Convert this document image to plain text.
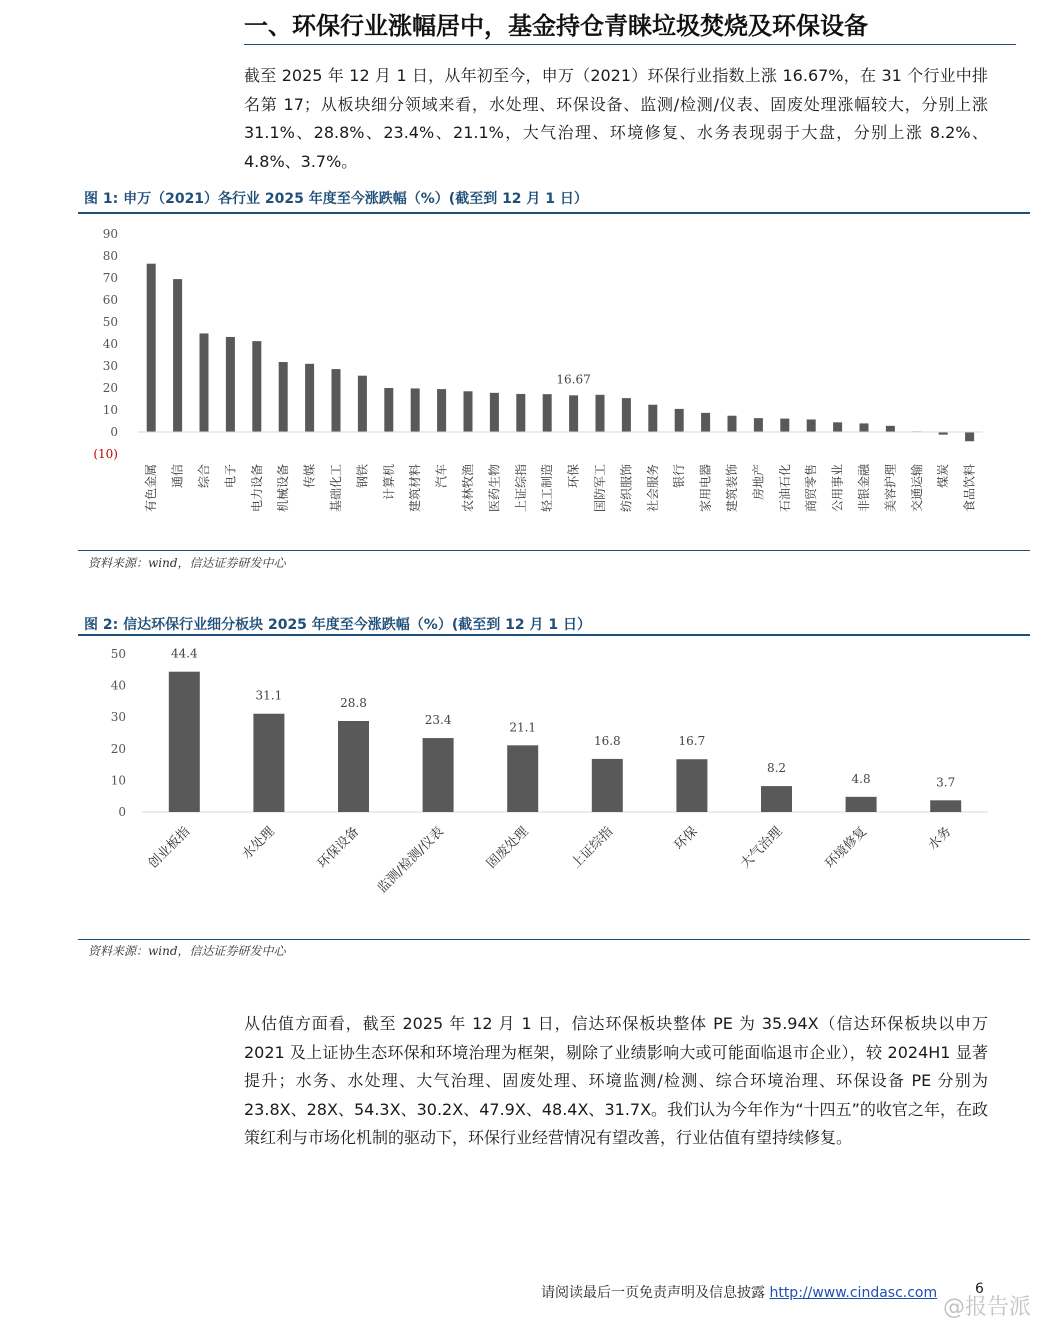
一、环保行业涨幅居中，基金持仓青睐垃圾焚烧及环保设备
截至 2025 年 12 月 1 日，从年初至今，申万（2021）环保行业指数上涨 16.67%，在 31 个行业中排名第 17；从板块细分领域来看，水处理、环保设备、监测/检测/仪表、固废处理涨幅较大，分别上涨 31.1%、28.8%、23.4%、21.1%，大气治理、环境修复、水务表现弱于大盘，分别上涨 8.2%、4.8%、3.7%。
图 1: 申万（2021）各行业 2025 年度至今涨跌幅（%）(截至到 12 月 1 日）
90
80
70
60
50
40
30
20
10
0
(10)
16.67
有色金属 通信 综合 电子 电力设备 机械设备 传媒 基础化工 钢铁 计算机 建筑材料 汽车 农林牧渔 医药生物 上证综指 轻工制造 环保 国防军工 纺织服饰 社会服务 银行 家用电器 建筑装饰 房地产 石油石化 商贸零售 公用事业 非银金融 美容护理 交通运输 煤炭 食品饮料
资料来源：wind，信达证券研发中心
图 2: 信达环保行业细分板块 2025 年度至今涨跌幅（%）(截至到 12 月 1 日）
50
40
30
20
10
0
44.4
31.1
28.8
23.4
21.1
16.8	16.7
8.2
4.8	3.7
创业板指	水处理	环保设备 监测/检测/仪表	固废处理	上证综指	环保	大气治理	环境修复	水务
资料来源：wind，信达证券研发中心
从估值方面看，截至 2025 年 12 月 1 日，信达环保板块整体 PE 为 35.94X（信达环保板块以申万 2021 及上证协生态环保和环境治理为框架，剔除了业绩影响大或可能面临退市企业），较 2024H1 显著提升；水务、水处理、大气治理、固废处理、环境监测/检测、综合环境治理、环保设备 PE 分别为 23.8X、28X、54.3X、30.2X、47.9X、48.4X、31.7X。我们认为今年作为“十四五”的收官之年，在政策红利与市场化机制的驱动下，环保行业经营情况有望改善，行业估值有望持续修复。
请阅读最后一页免责声明及信息披露 http://www.cindasc.com	6
@报告派
